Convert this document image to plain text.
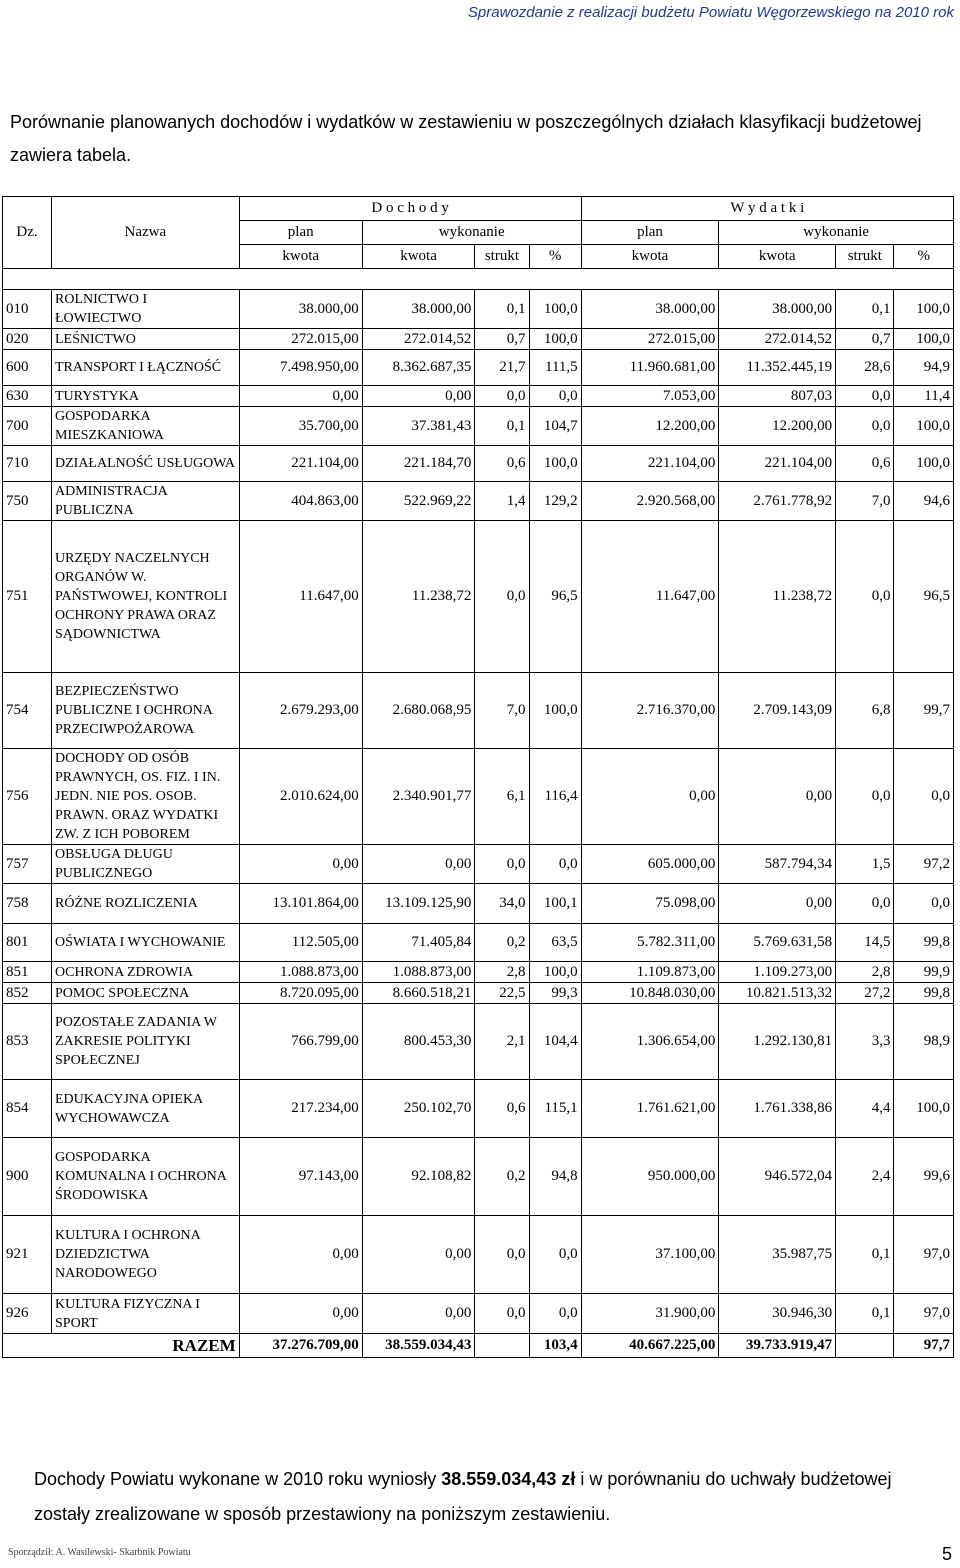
Sprawozdanie z realizacji budżetu Powiatu Węgorzewskiego na 2010 rok

Porównanie planowanych dochodów i wydatków w zestawieniu w poszczególnych działach klasyfikacji budżetowej zawiera tabela.

Dz.	Nazwa	D o c h o d y				W y d a t k i			
		plan	wykonanie			plan	wykonanie		
		kwota	kwota	strukt	%	kwota	kwota	strukt	%

010	ROLNICTWO I ŁOWIECTWO	38.000,00	38.000,00	0,1	100,0	38.000,00	38.000,00	0,1	100,0
020	LEŚNICTWO	272.015,00	272.014,52	0,7	100,0	272.015,00	272.014,52	0,7	100,0
600	TRANSPORT I ŁĄCZNOŚĆ	7.498.950,00	8.362.687,35	21,7	111,5	11.960.681,00	11.352.445,19	28,6	94,9
630	TURYSTYKA	0,00	0,00	0,0	0,0	7.053,00	807,03	0,0	11,4
700	GOSPODARKA MIESZKANIOWA	35.700,00	37.381,43	0,1	104,7	12.200,00	12.200,00	0,0	100,0
710	DZIAŁALNOŚĆ USŁUGOWA	221.104,00	221.184,70	0,6	100,0	221.104,00	221.104,00	0,6	100,0
750	ADMINISTRACJA PUBLICZNA	404.863,00	522.969,22	1,4	129,2	2.920.568,00	2.761.778,92	7,0	94,6
751	URZĘDY NACZELNYCH ORGANÓW W. PAŃSTWOWEJ, KONTROLI OCHRONY PRAWA ORAZ SĄDOWNICTWA	11.647,00	11.238,72	0,0	96,5	11.647,00	11.238,72	0,0	96,5
754	BEZPIECZEŃSTWO PUBLICZNE I OCHRONA PRZECIWPOŻAROWA	2.679.293,00	2.680.068,95	7,0	100,0	2.716.370,00	2.709.143,09	6,8	99,7
756	DOCHODY OD OSÓB PRAWNYCH, OS. FIZ. I IN. JEDN. NIE POS. OSOB. PRAWN. ORAZ WYDATKI ZW. Z ICH POBOREM	2.010.624,00	2.340.901,77	6,1	116,4	0,00	0,00	0,0	0,0
757	OBSŁUGA DŁUGU PUBLICZNEGO	0,00	0,00	0,0	0,0	605.000,00	587.794,34	1,5	97,2
758	RÓŻNE ROZLICZENIA	13.101.864,00	13.109.125,90	34,0	100,1	75.098,00	0,00	0,0	0,0
801	OŚWIATA I WYCHOWANIE	112.505,00	71.405,84	0,2	63,5	5.782.311,00	5.769.631,58	14,5	99,8
851	OCHRONA ZDROWIA	1.088.873,00	1.088.873,00	2,8	100,0	1.109.873,00	1.109.273,00	2,8	99,9
852	POMOC SPOŁECZNA	8.720.095,00	8.660.518,21	22,5	99,3	10.848.030,00	10.821.513,32	27,2	99,8
853	POZOSTAŁE ZADANIA W ZAKRESIE POLITYKI SPOŁECZNEJ	766.799,00	800.453,30	2,1	104,4	1.306.654,00	1.292.130,81	3,3	98,9
854	EDUKACYJNA OPIEKA WYCHOWAWCZA	217.234,00	250.102,70	0,6	115,1	1.761.621,00	1.761.338,86	4,4	100,0
900	GOSPODARKA KOMUNALNA I OCHRONA ŚRODOWISKA	97.143,00	92.108,82	0,2	94,8	950.000,00	946.572,04	2,4	99,6
921	KULTURA I OCHRONA DZIEDZICTWA NARODOWEGO	0,00	0,00	0,0	0,0	37.100,00	35.987,75	0,1	97,0
926	KULTURA FIZYCZNA I SPORT	0,00	0,00	0,0	0,0	31.900,00	30.946,30	0,1	97,0
RAZEM		37.276.709,00	38.559.034,43		103,4	40.667.225,00	39.733.919,47		97,7

Dochody Powiatu wykonane w 2010 roku wyniosły 38.559.034,43 zł i w porównaniu do uchwały budżetowej zostały zrealizowane w sposób przestawiony na poniższym zestawieniu.

Sporządził: A. Wasilewski- Skarbnik Powiatu	5
